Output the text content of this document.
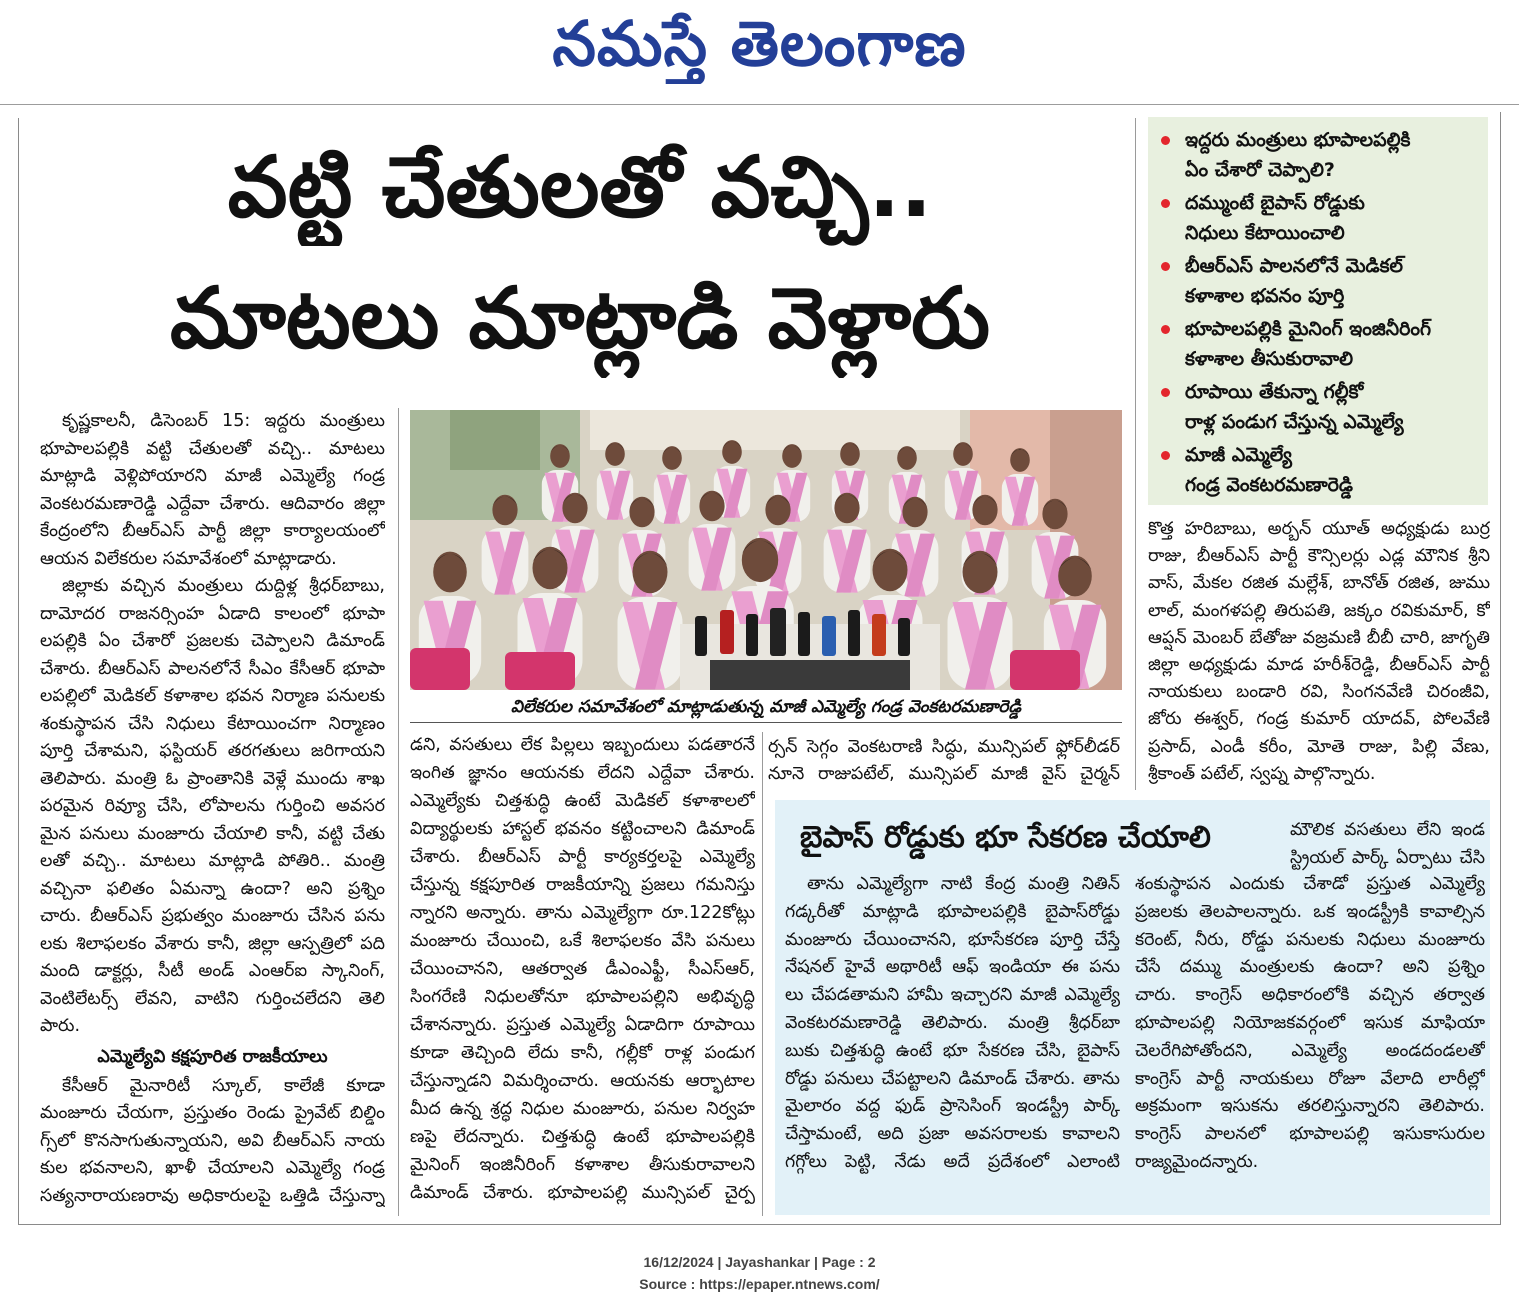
నమస్తే తెలంగాణ
వట్టి చేతులతో వచ్చి..
మాటలు మాట్లాడి వెళ్లారు
ఇద్దరు మంత్రులు భూపాలపల్లికి
ఏం చేశారో చెప్పాలి?
దమ్ముంటే బైపాస్ రోడ్డుకు
నిధులు కేటాయించాలి
బీఆర్ఎస్ పాలనలోనే మెడికల్
కళాశాల భవనం పూర్తి
భూపాలపల్లికి మైనింగ్ ఇంజినీరింగ్
కళాశాల తీసుకురావాలి
రూపాయి తేకున్నా గల్లీకో
రాళ్ల పండుగ చేస్తున్న ఎమ్మెల్యే
మాజీ ఎమ్మెల్యే
గండ్ర వెంకటరమణారెడ్డి
విలేకరుల సమావేశంలో మాట్లాడుతున్న మాజీ ఎమ్మెల్యే గండ్ర వెంకటరమణారెడ్డి
కృష్ణకాలనీ, డిసెంబర్ 15: ఇద్దరు మంత్రులు
భూపాలపల్లికి వట్టి చేతులతో వచ్చి.. మాటలు
మాట్లాడి వెళ్లిపోయారని మాజీ ఎమ్మెల్యే గండ్ర
వెంకటరమణారెడ్డి ఎద్దేవా చేశారు. ఆదివారం జిల్లా
కేంద్రంలోని బీఆర్ఎస్ పార్టీ జిల్లా కార్యాలయంలో
ఆయన విలేకరుల సమావేశంలో మాట్లాడారు.
జిల్లాకు వచ్చిన మంత్రులు దుద్దిళ్ల శ్రీధర్‌బాబు,
దామోదర రాజనర్సింహ ఏడాది కాలంలో భూపా
లపల్లికి ఏం చేశారో ప్రజలకు చెప్పాలని డిమాండ్
చేశారు. బీఆర్ఎస్ పాలనలోనే సీఎం కేసీఆర్ భూపా
లపల్లిలో మెడికల్ కళాశాల భవన నిర్మాణ పనులకు
శంకుస్థాపన చేసి నిధులు కేటాయించగా నిర్మాణం
పూర్తి చేశామని, ఫస్టియర్ తరగతులు జరిగాయని
తెలిపారు. మంత్రి ఓ ప్రాంతానికి వెళ్లే ముందు శాఖ
పరమైన రివ్యూ చేసి, లోపాలను గుర్తించి అవసర
మైన పనులు మంజూరు చేయాలి కానీ, వట్టి చేతు
లతో వచ్చి.. మాటలు మాట్లాడి పోతిరి.. మంత్రి
వచ్చినా ఫలితం ఏమన్నా ఉందా? అని ప్రశ్నిం
చారు. బీఆర్ఎస్ ప్రభుత్వం మంజూరు చేసిన పను
లకు శిలాఫలకం వేశారు కానీ, జిల్లా ఆస్పత్రిలో పది
మంది డాక్టర్లు, సీటీ అండ్ ఎంఆర్ఐ స్కానింగ్,
వెంటిలేటర్స్ లేవని, వాటిని గుర్తించలేదని తెలి
పారు.
ఎమ్మెల్యేవి కక్షపూరిత రాజకీయాలు
కేసీఆర్ మైనారిటీ స్కూల్, కాలేజీ కూడా
మంజూరు చేయగా, ప్రస్తుతం రెండు ప్రైవేట్ బిల్డిం
గ్స్‌లో కొనసాగుతున్నాయని, అవి బీఆర్ఎస్ నాయ
కుల భవనాలని, ఖాళీ చేయాలని ఎమ్మెల్యే గండ్ర
సత్యనారాయణరావు అధికారులపై ఒత్తిడి చేస్తున్నా
డని, వసతులు లేక పిల్లలు ఇబ్బందులు పడతారనే
ఇంగిత జ్ఞానం ఆయనకు లేదని ఎద్దేవా చేశారు.
ఎమ్మెల్యేకు చిత్తశుద్ధి ఉంటే మెడికల్ కళాశాలలో
విద్యార్థులకు హాస్టల్ భవనం కట్టించాలని డిమాండ్
చేశారు. బీఆర్ఎస్ పార్టీ కార్యకర్తలపై ఎమ్మెల్యే
చేస్తున్న కక్షపూరిత రాజకీయాన్ని ప్రజలు గమనిస్తు
న్నారని అన్నారు. తాను ఎమ్మెల్యేగా రూ.122కోట్లు
మంజూరు చేయించి, ఒకే శిలాఫలకం వేసి పనులు
చేయించానని, ఆతర్వాత డీఎంఎఫ్టీ, సీఎస్ఆర్,
సింగరేణి నిధులతోనూ భూపాలపల్లిని అభివృద్ధి
చేశానన్నారు. ప్రస్తుత ఎమ్మెల్యే ఏడాదిగా రూపాయి
కూడా తెచ్చింది లేదు కానీ, గల్లీకో రాళ్ల పండుగ
చేస్తున్నాడని విమర్శించారు. ఆయనకు ఆర్భాటాల
మీద ఉన్న శ్రద్ధ నిధుల మంజూరు, పనుల నిర్వహ
ణపై లేదన్నారు. చిత్తశుద్ధి ఉంటే భూపాలపల్లికి
మైనింగ్ ఇంజినీరింగ్ కళాశాల తీసుకురావాలని
డిమాండ్ చేశారు. భూపాలపల్లి మున్సిపల్ చైర్ప
ర్సన్ సెగ్గం వెంకటరాణి సిద్ధు, మున్సిపల్ ఫ్లోర్‌లీడర్
నూనె రాజుపటేల్, మున్సిపల్ మాజీ వైస్ చైర్మన్
కొత్త హరిబాబు, అర్బన్ యూత్ అధ్యక్షుడు బుర్ర
రాజు, బీఆర్ఎస్ పార్టీ కౌన్సిలర్లు ఎడ్ల మౌనిక శ్రీని
వాస్, మేకల రజిత మల్లేశ్, బానోత్ రజిత, జుము
లాల్, మంగళపల్లి తిరుపతి, జక్కం రవికుమార్, కో
ఆప్షన్ మెంబర్ బేతోజు వజ్రమణి బీబీ చారి, జాగృతి
జిల్లా అధ్యక్షుడు మాడ హరీశ్‌రెడ్డి, బీఆర్ఎస్ పార్టీ
నాయకులు బండారి రవి, సింగనవేణి చిరంజీవి,
జోరు ఈశ్వర్, గండ్ర కుమార్ యాదవ్, పోలవేణి
ప్రసాద్, ఎండీ కరీం, మోతె రాజు, పిల్లి వేణు,
శ్రీకాంత్ పటేల్, స్వప్న పాల్గొన్నారు.
బైపాస్ రోడ్డుకు భూ సేకరణ చేయాలి	మౌలిక వసతులు లేని ఇండ
స్ట్రియల్ పార్క్ ఏర్పాటు చేసి
తాను ఎమ్మెల్యేగా నాటి కేంద్ర మంత్రి నితిన్
గడ్కరీతో మాట్లాడి భూపాలపల్లికి బైపాస్‌రోడ్డు
మంజూరు చేయించానని, భూసేకరణ పూర్తి చేస్తే
నేషనల్ హైవే అథారిటీ ఆఫ్ ఇండియా ఈ పను
లు చేపడతామని హామీ ఇచ్చారని మాజీ ఎమ్మెల్యే
వెంకటరమణారెడ్డి తెలిపారు. మంత్రి శ్రీధర్‌బా
బుకు చిత్తశుద్ధి ఉంటే భూ సేకరణ చేసి, బైపాస్
రోడ్డు పనులు చేపట్టాలని డిమాండ్ చేశారు. తాను
మైలారం వద్ద ఫుడ్ ప్రాసెసింగ్ ఇండస్ట్రీ పార్క్
చేస్తామంటే, అది ప్రజా అవసరాలకు కావాలని
గగ్గోలు పెట్టి, నేడు అదే ప్రదేశంలో ఎలాంటి
శంకుస్థాపన ఎందుకు చేశాడో ప్రస్తుత ఎమ్మెల్యే
ప్రజలకు తెలపాలన్నారు. ఒక ఇండస్ట్రీకి కావాల్సిన
కరెంట్, నీరు, రోడ్డు పనులకు నిధులు మంజూరు
చేసే దమ్ము మంత్రులకు ఉందా? అని ప్రశ్నిం
చారు. కాంగ్రెస్ అధికారంలోకి వచ్చిన తర్వాత
భూపాలపల్లి నియోజకవర్గంలో ఇసుక మాఫియా
చెలరేగిపోతోందని, ఎమ్మెల్యే అండదండలతో
కాంగ్రెస్ పార్టీ నాయకులు రోజూ వేలాది లారీల్లో
అక్రమంగా ఇసుకను తరలిస్తున్నారని తెలిపారు.
కాంగ్రెస్ పాలనలో భూపాలపల్లి ఇసుకాసురుల
రాజ్యమైందన్నారు.
16/12/2024 | Jayashankar | Page : 2
Source : https://epaper.ntnews.com/
